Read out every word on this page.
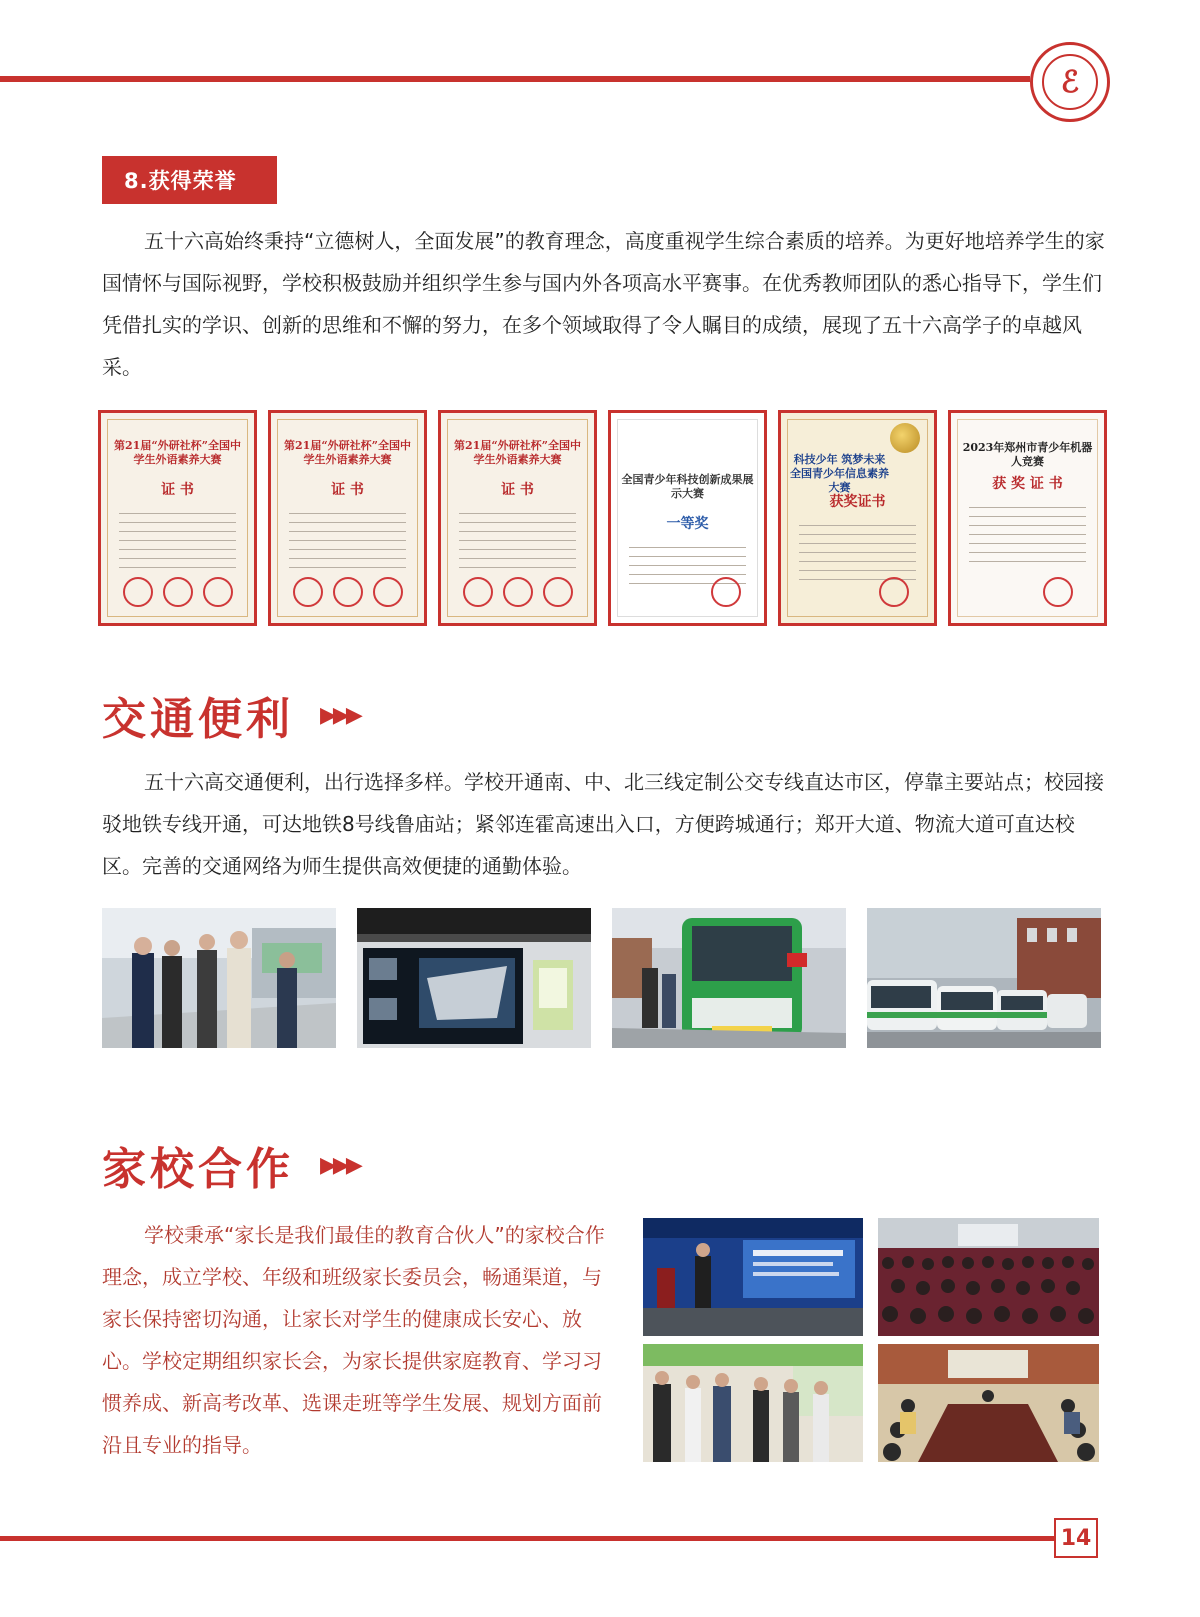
ℰ
8.获得荣誉

五十六高始终秉持“立德树人，全面发展”的教育理念，高度重视学生综合素质的培养。为更好地培养学生的家国情怀与国际视野，学校积极鼓励并组织学生参与国内外各项高水平赛事。在优秀教师团队的悉心指导下，学生们凭借扎实的学识、创新的思维和不懈的努力，在多个领域取得了令人瞩目的成绩，展现了五十六高学子的卓越风采。

第21届“外研社杯”全国中学生外语素养大赛
证 书
第21届“外研社杯”全国中学生外语素养大赛
证 书
第21届“外研社杯”全国中学生外语素养大赛
证 书
全国青少年科技创新成果展示大赛
一等奖
科技少年 筑梦未来 全国青少年信息素养大赛
获奖证书
2023年郑州市青少年机器人竞赛
获 奖 证 书
交通便利 ▶▶▶

五十六高交通便利，出行选择多样。学校开通南、中、北三线定制公交专线直达市区，停靠主要站点；校园接驳地铁专线开通，可达地铁8号线鲁庙站；紧邻连霍高速出入口，方便跨城通行；郑开大道、物流大道可直达校区。完善的交通网络为师生提供高效便捷的通勤体验。

家校合作 ▶▶▶

学校秉承“家长是我们最佳的教育合伙人”的家校合作理念，成立学校、年级和班级家长委员会，畅通渠道，与家长保持密切沟通，让家长对学生的健康成长安心、放心。学校定期组织家长会，为家长提供家庭教育、学习习惯养成、新高考改革、选课走班等学生发展、规划方面前沿且专业的指导。

14
